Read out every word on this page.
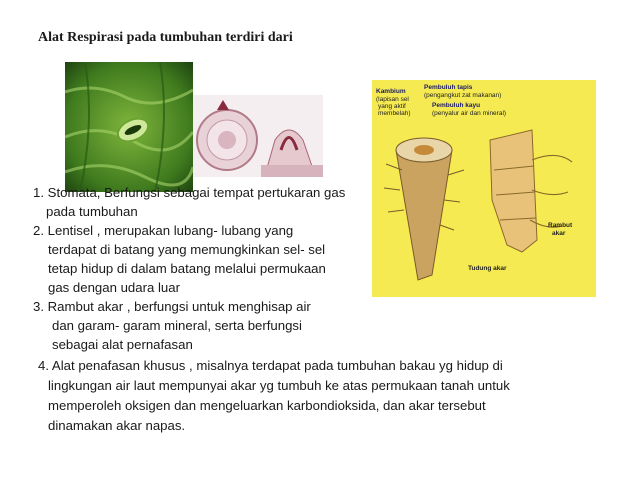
Alat Respirasi pada tumbuhan terdiri dari
Kambium
(lapisan sel
yang aktif
membelah)
Pembuluh tapis
(pengangkut zat makanan)
Pembuluh kayu
(penyalur air dan mineral)
Rambut
akar
Tudung akar
1. Stomata, Berfungsi sebagai tempat pertukaran gas
pada tumbuhan
2. Lentisel , merupakan lubang- lubang yang
terdapat di batang yang memungkinkan sel- sel
tetap hidup di dalam batang melalui permukaan
gas dengan udara luar
3. Rambut akar , berfungsi untuk menghisap air
dan garam- garam mineral, serta berfungsi
sebagai alat pernafasan
4. Alat penafasan khusus , misalnya terdapat pada tumbuhan bakau yg hidup di
lingkungan air laut mempunyai akar yg tumbuh ke atas permukaan tanah untuk
memperoleh oksigen dan mengeluarkan karbondioksida, dan akar tersebut
dinamakan akar napas.
